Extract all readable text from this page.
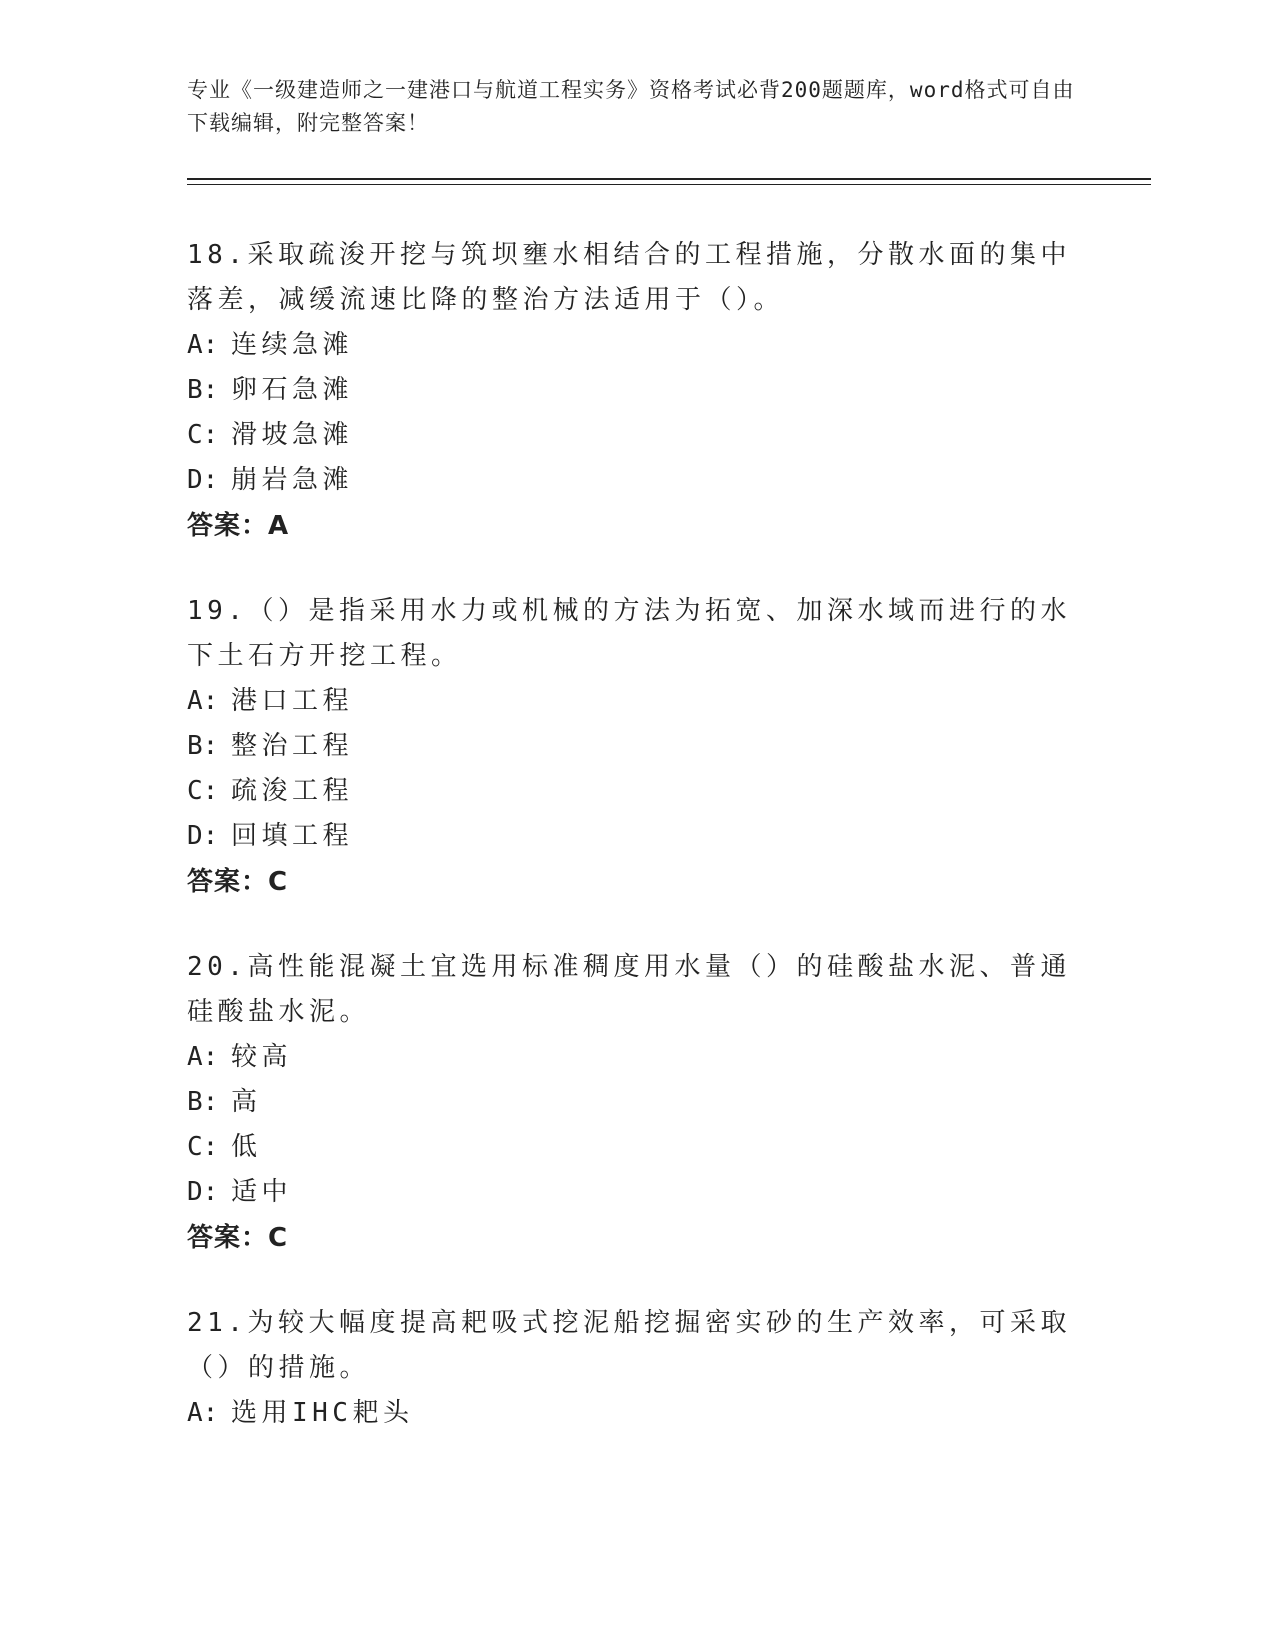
专业《一级建造师之一建港口与航道工程实务》资格考试必背200题题库，word格式可自由下载编辑，附完整答案！
18.采取疏浚开挖与筑坝壅水相结合的工程措施，分散水面的集中落差，减缓流速比降的整治方法适用于（）。
A: 连续急滩
B: 卵石急滩
C: 滑坡急滩
D: 崩岩急滩
答案：A
19.（）是指采用水力或机械的方法为拓宽、加深水域而进行的水下土石方开挖工程。
A: 港口工程
B: 整治工程
C: 疏浚工程
D: 回填工程
答案：C
20.高性能混凝土宜选用标准稠度用水量（）的硅酸盐水泥、普通硅酸盐水泥。
A: 较高
B: 高
C: 低
D: 适中
答案：C
21.为较大幅度提高耙吸式挖泥船挖掘密实砂的生产效率，可采取（）的措施。
A: 选用IHC耙头
